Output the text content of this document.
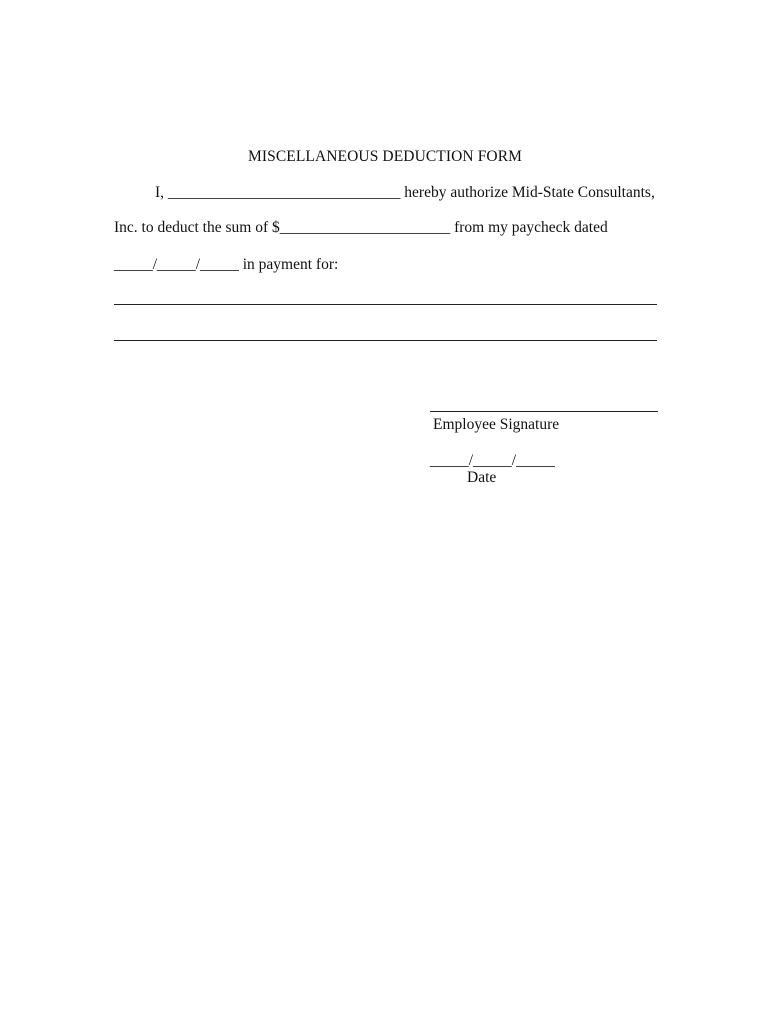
MISCELLANEOUS DEDUCTION FORM
I, ______________________________ hereby authorize Mid-State Consultants,
Inc. to deduct the sum of $______________________ from my paycheck dated
_____/_____/_____ in payment for:
Employee Signature
_____/_____/_____
Date
